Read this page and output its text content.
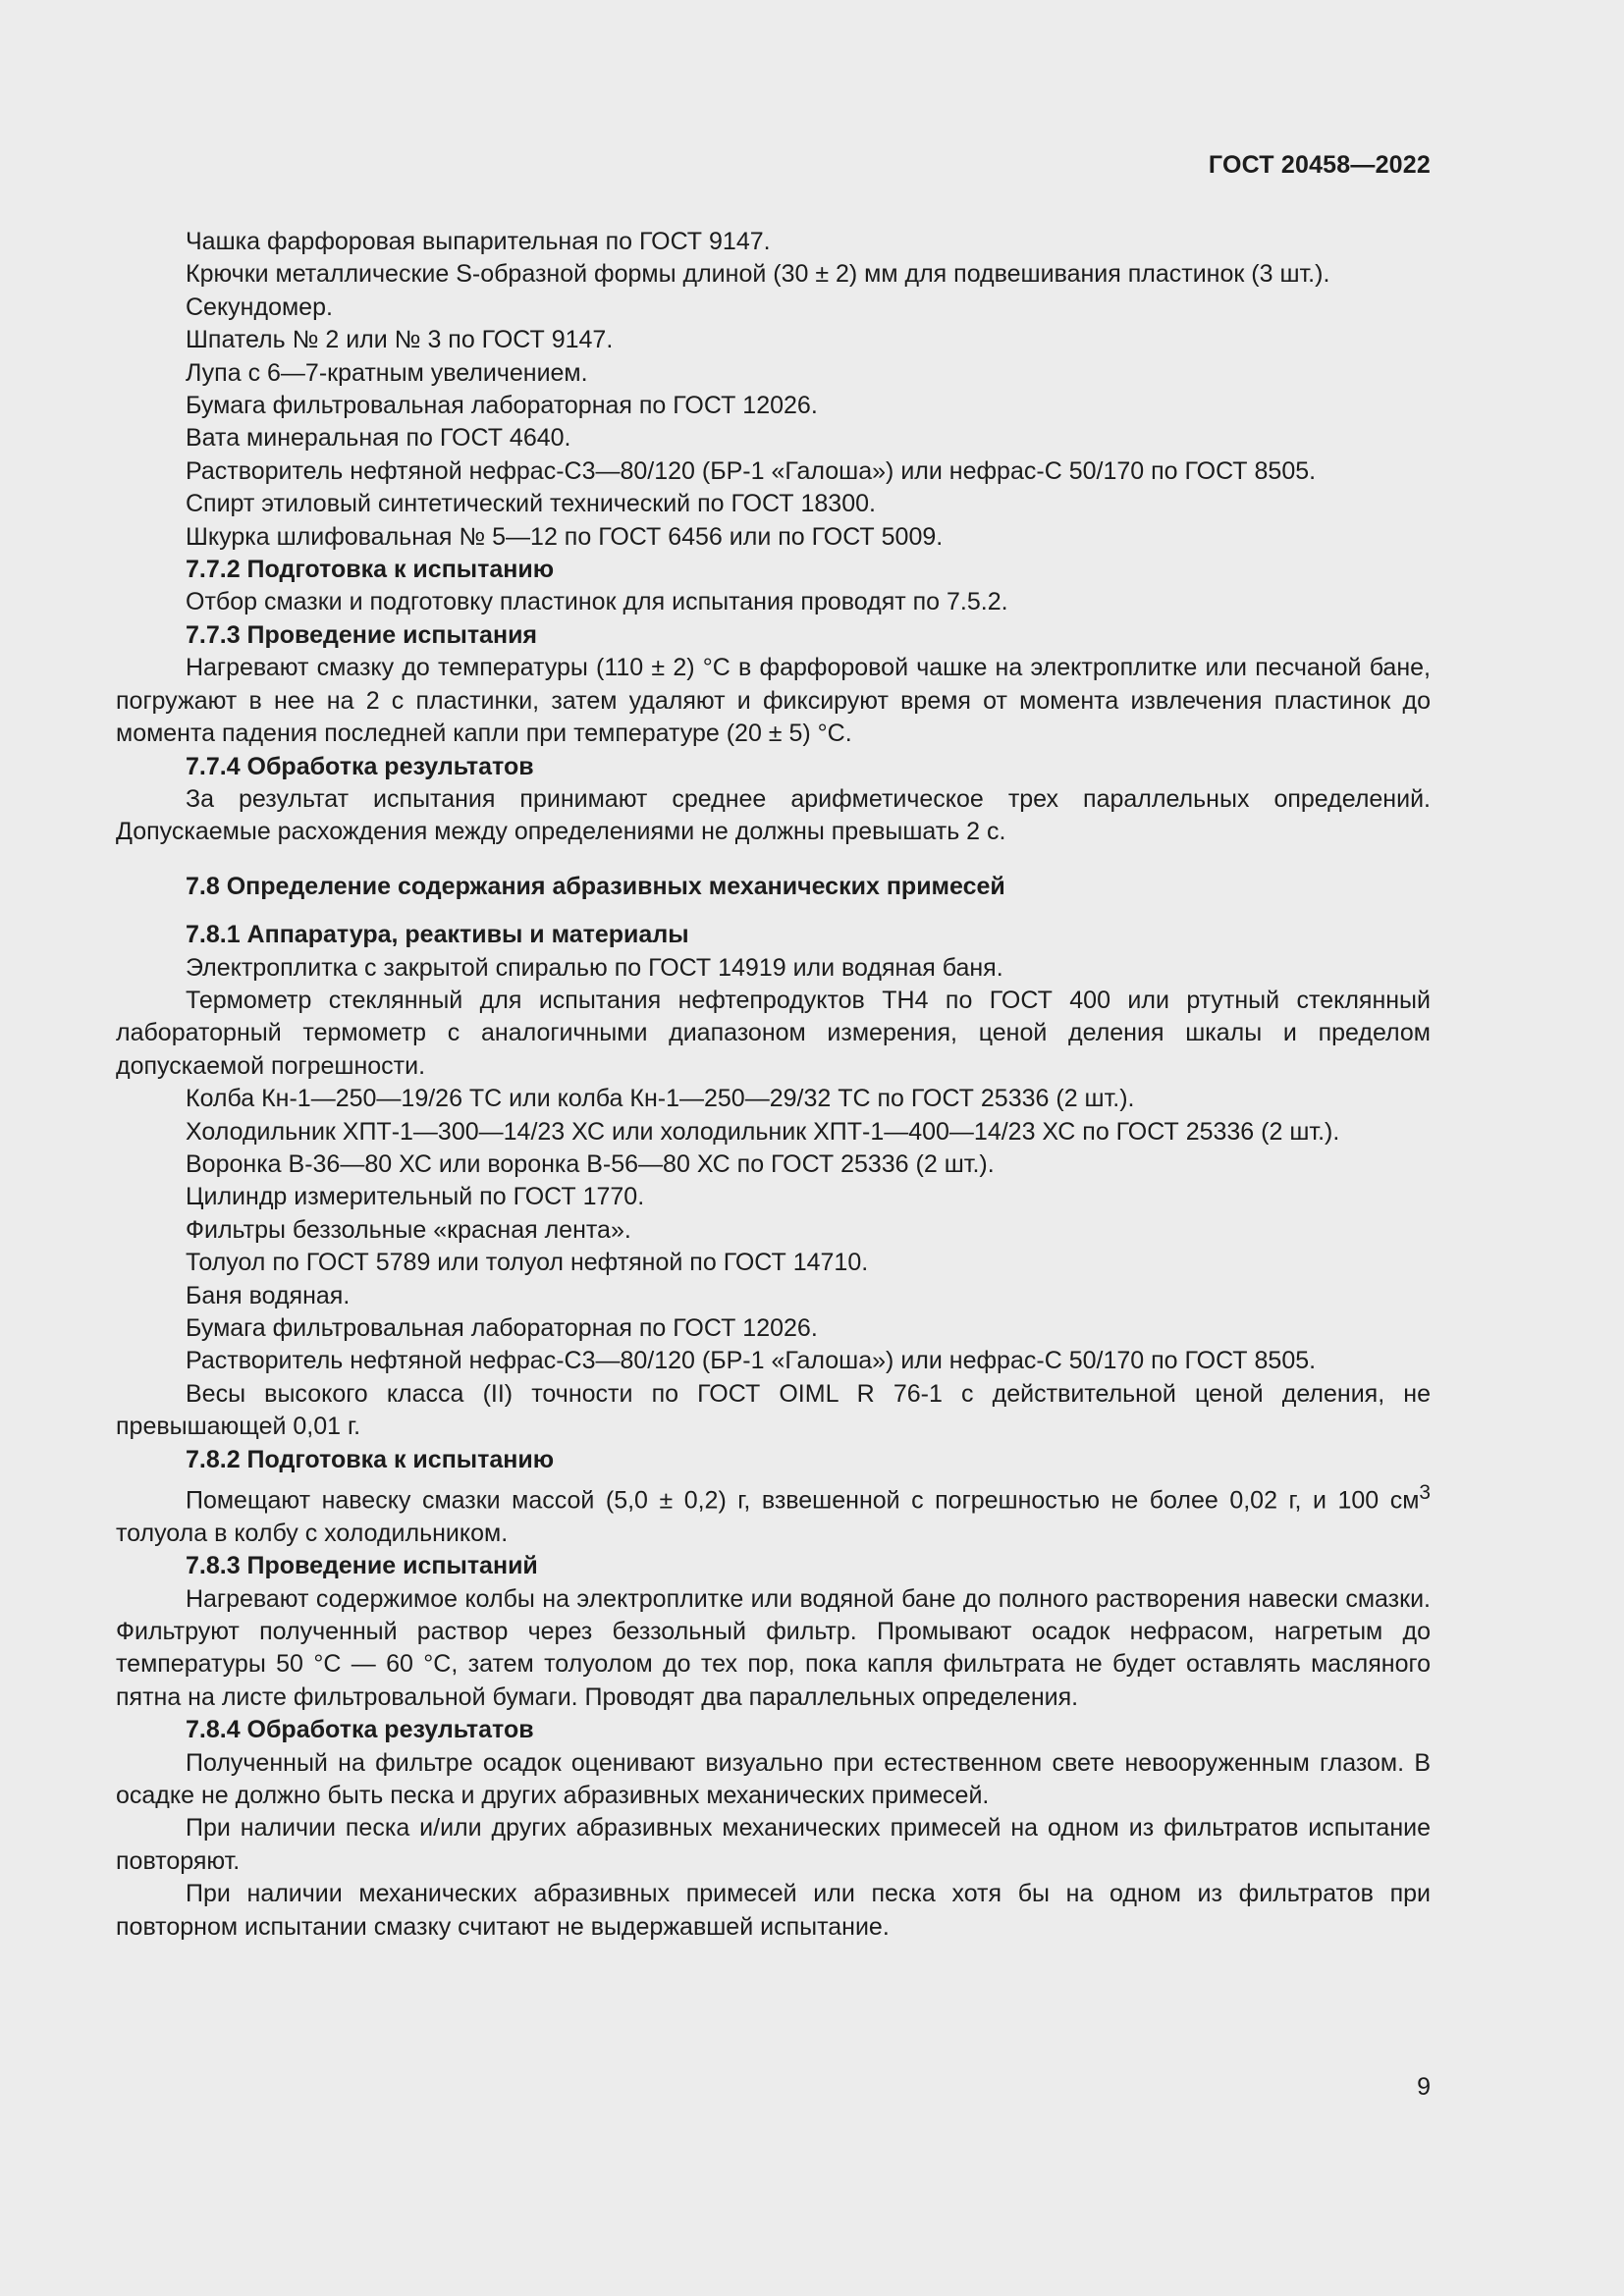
ГОСТ 20458—2022

Чашка фарфоровая выпарительная по ГОСТ 9147.

Крючки металлические S-образной формы длиной (30 ± 2) мм для подвешивания пластинок (3 шт.).

Секундомер.

Шпатель № 2 или № 3 по ГОСТ 9147.

Лупа с 6—7-кратным увеличением.

Бумага фильтровальная лабораторная по ГОСТ 12026.

Вата минеральная по ГОСТ 4640.

Растворитель нефтяной нефрас-С3—80/120 (БР-1 «Галоша») или нефрас-С 50/170 по ГОСТ 8505.

Спирт этиловый синтетический технический по ГОСТ 18300.

Шкурка шлифовальная № 5—12 по ГОСТ 6456 или по ГОСТ 5009.

7.7.2 Подготовка к испытанию

Отбор смазки и подготовку пластинок для испытания проводят по 7.5.2.

7.7.3 Проведение испытания

Нагревают смазку до температуры (110 ± 2) °С в фарфоровой чашке на электроплитке или песчаной бане, погружают в нее на 2 с пластинки, затем удаляют и фиксируют время от момента извлечения пластинок до момента падения последней капли при температуре (20 ± 5) °С.

7.7.4 Обработка результатов

За результат испытания принимают среднее арифметическое трех параллельных определений. Допускаемые расхождения между определениями не должны превышать 2 с.

7.8 Определение содержания абразивных механических примесей

7.8.1 Аппаратура, реактивы и материалы

Электроплитка с закрытой спиралью по ГОСТ 14919 или водяная баня.

Термометр стеклянный для испытания нефтепродуктов ТН4 по ГОСТ 400 или ртутный стеклянный лабораторный термометр с аналогичными диапазоном измерения, ценой деления шкалы и пределом допускаемой погрешности.

Колба Кн-1—250—19/26 ТС или колба Кн-1—250—29/32 ТС по ГОСТ 25336 (2 шт.).

Холодильник ХПТ-1—300—14/23 ХС или холодильник ХПТ-1—400—14/23 ХС по ГОСТ 25336 (2 шт.).

Воронка В-36—80 ХС или воронка В-56—80 ХС по ГОСТ 25336 (2 шт.).

Цилиндр измерительный по ГОСТ 1770.

Фильтры беззольные «красная лента».

Толуол по ГОСТ 5789 или толуол нефтяной по ГОСТ 14710.

Баня водяная.

Бумага фильтровальная лабораторная по ГОСТ 12026.

Растворитель нефтяной нефрас-С3—80/120 (БР-1 «Галоша») или нефрас-С 50/170 по ГОСТ 8505.

Весы высокого класса (II) точности по ГОСТ OIML R 76-1 с действительной ценой деления, не превышающей 0,01 г.

7.8.2 Подготовка к испытанию

Помещают навеску смазки массой (5,0 ± 0,2) г, взвешенной с погрешностью не более 0,02 г, и 100 $см^3$ толуола в колбу с холодильником.

7.8.3 Проведение испытаний

Нагревают содержимое колбы на электроплитке или водяной бане до полного растворения навески смазки. Фильтруют полученный раствор через беззольный фильтр. Промывают осадок нефрасом, нагретым до температуры 50 °С — 60 °С, затем толуолом до тех пор, пока капля фильтрата не будет оставлять масляного пятна на листе фильтровальной бумаги. Проводят два параллельных определения.

7.8.4 Обработка результатов

Полученный на фильтре осадок оценивают визуально при естественном свете невооруженным глазом. В осадке не должно быть песка и других абразивных механических примесей.

При наличии песка и/или других абразивных механических примесей на одном из фильтратов испытание повторяют.

При наличии механических абразивных примесей или песка хотя бы на одном из фильтратов при повторном испытании смазку считают не выдержавшей испытание.

9
